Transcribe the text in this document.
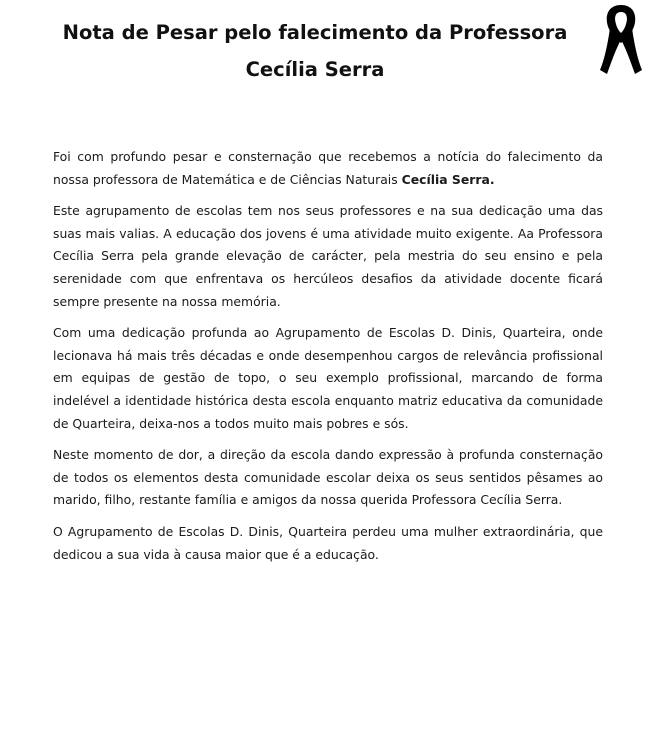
Nota de Pesar pelo falecimento da Professora
Cecília Serra

Foi com profundo pesar e consternação que recebemos a notícia do falecimento da nossa professora de Matemática e de Ciências Naturais Cecília Serra.

Este agrupamento de escolas tem nos seus professores e na sua dedicação uma das suas mais valias. A educação dos jovens é uma atividade muito exigente. Aa Professora Cecília Serra pela grande elevação de carácter, pela mestria do seu ensino e pela serenidade com que enfrentava os hercúleos desafios da atividade docente ficará sempre presente na nossa memória.

Com uma dedicação profunda ao Agrupamento de Escolas D. Dinis, Quarteira, onde lecionava há mais três décadas e onde desempenhou cargos de relevância profissional em equipas de gestão de topo, o seu exemplo profissional, marcando de forma indelével a identidade histórica desta escola enquanto matriz educativa da comunidade de Quarteira, deixa-nos a todos muito mais pobres e sós.

Neste momento de dor, a direção da escola dando expressão à profunda consternação de todos os elementos desta comunidade escolar deixa os seus sentidos pêsames ao marido, filho, restante família e amigos da nossa querida Professora Cecília Serra.

O Agrupamento de Escolas D. Dinis, Quarteira perdeu uma mulher extraordinária, que dedicou a sua vida à causa maior que é a educação.
